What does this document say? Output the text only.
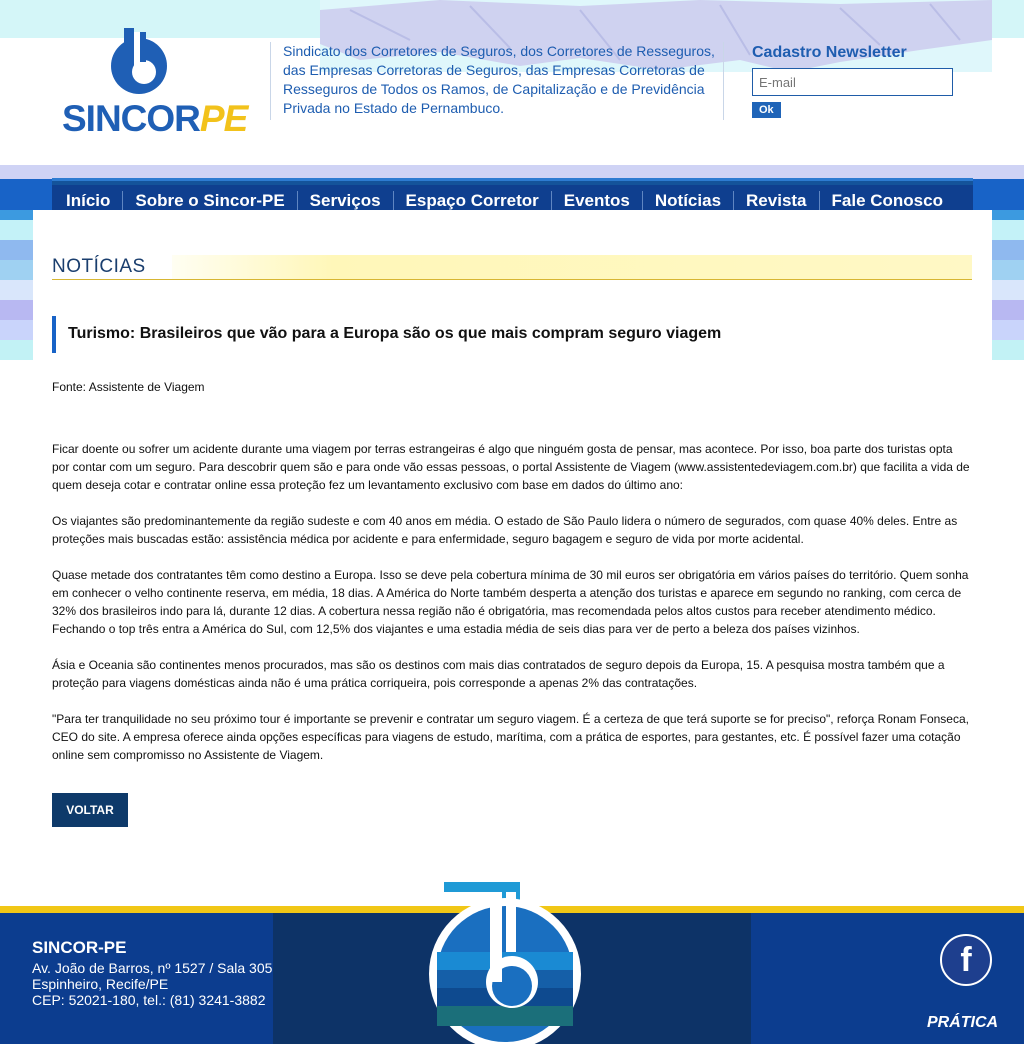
SINCORPE
Sindicato dos Corretores de Seguros, dos Corretores de Resseguros, das Empresas Corretoras de Seguros, das Empresas Corretoras de Resseguros de Todos os Ramos, de Capitalização e de Previdência Privada no Estado de Pernambuco.
Cadastro Newsletter
E-mail
Ok
Início	Sobre o Sincor-PE	Serviços	Espaço Corretor	Eventos	Notícias	Revista	Fale Conosco
NOTÍCIAS
Turismo: Brasileiros que vão para a Europa são os que mais compram seguro viagem
Fonte: Assistente de Viagem

Ficar doente ou sofrer um acidente durante uma viagem por terras estrangeiras é algo que ninguém gosta de pensar, mas acontece. Por isso, boa parte dos turistas opta por contar com um seguro. Para descobrir quem são e para onde vão essas pessoas, o portal Assistente de Viagem (www.assistentedeviagem.com.br) que facilita a vida de quem deseja cotar e contratar online essa proteção fez um levantamento exclusivo com base em dados do último ano:

Os viajantes são predominantemente da região sudeste e com 40 anos em média. O estado de São Paulo lidera o número de segurados, com quase 40% deles. Entre as proteções mais buscadas estão: assistência médica por acidente e para enfermidade, seguro bagagem e seguro de vida por morte acidental.

Quase metade dos contratantes têm como destino a Europa. Isso se deve pela cobertura mínima de 30 mil euros ser obrigatória em vários países do território. Quem sonha em conhecer o velho continente reserva, em média, 18 dias. A América do Norte também desperta a atenção dos turistas e aparece em segundo no ranking, com cerca de 32% dos brasileiros indo para lá, durante 12 dias. A cobertura nessa região não é obrigatória, mas recomendada pelos altos custos para receber atendimento médico. Fechando o top três entra a América do Sul, com 12,5% dos viajantes e uma estadia média de seis dias para ver de perto a beleza dos países vizinhos.

Ásia e Oceania são continentes menos procurados, mas são os destinos com mais dias contratados de seguro depois da Europa, 15. A pesquisa mostra também que a proteção para viagens domésticas ainda não é uma prática corriqueira, pois corresponde a apenas 2% das contratações.

"Para ter tranquilidade no seu próximo tour é importante se prevenir e contratar um seguro viagem. É a certeza de que terá suporte se for preciso", reforça Ronam Fonseca, CEO do site. A empresa oferece ainda opções específicas para viagens de estudo, marítima, com a prática de esportes, para gestantes, etc. É possível fazer uma cotação online sem compromisso no Assistente de Viagem.

VOLTAR
SINCOR-PE
Av. João de Barros, nº 1527 / Sala 305
Espinheiro, Recife/PE
CEP: 52021-180, tel.: (81) 3241-3882
f
PRÁTICA
